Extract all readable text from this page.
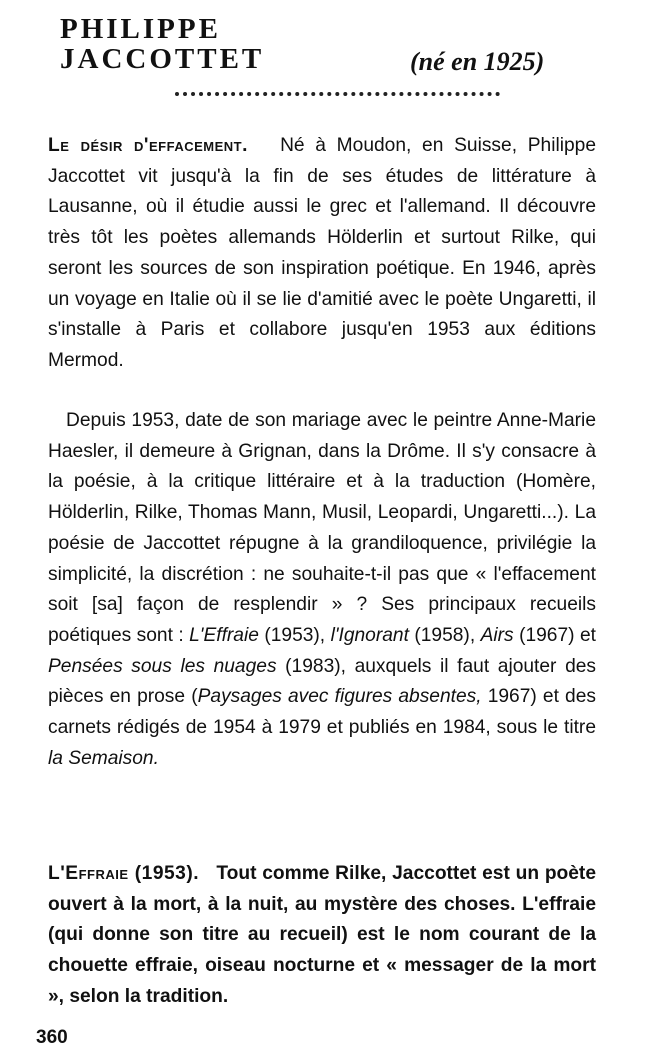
PHILIPPE
JACCOTTET	(né en 1925)

Le désir d'effacement. Né à Moudon, en Suisse, Philippe Jaccottet vit jusqu'à la fin de ses études de littérature à Lausanne, où il étudie aussi le grec et l'allemand. Il découvre très tôt les poètes allemands Hölderlin et surtout Rilke, qui seront les sources de son inspiration poétique. En 1946, après un voyage en Italie où il se lie d'amitié avec le poète Ungaretti, il s'installe à Paris et collabore jusqu'en 1953 aux éditions Mermod.

Depuis 1953, date de son mariage avec le peintre Anne-Marie Haesler, il demeure à Grignan, dans la Drôme. Il s'y consacre à la poésie, à la critique littéraire et à la traduction (Homère, Hölderlin, Rilke, Thomas Mann, Musil, Leopardi, Ungaretti...). La poésie de Jaccottet répugne à la grandiloquence, privilégie la simplicité, la discrétion : ne souhaite-t-il pas que « l'effacement soit [sa] façon de resplendir » ? Ses principaux recueils poétiques sont : L'Effraie (1953), l'Ignorant (1958), Airs (1967) et Pensées sous les nuages (1983), auxquels il faut ajouter des pièces en prose (Paysages avec figures absentes, 1967) et des carnets rédigés de 1954 à 1979 et publiés en 1984, sous le titre la Semaison.

L'Effraie (1953). Tout comme Rilke, Jaccottet est un poète ouvert à la mort, à la nuit, au mystère des choses. L'effraie (qui donne son titre au recueil) est le nom courant de la chouette effraie, oiseau nocturne et « messager de la mort », selon la tradition.

360
